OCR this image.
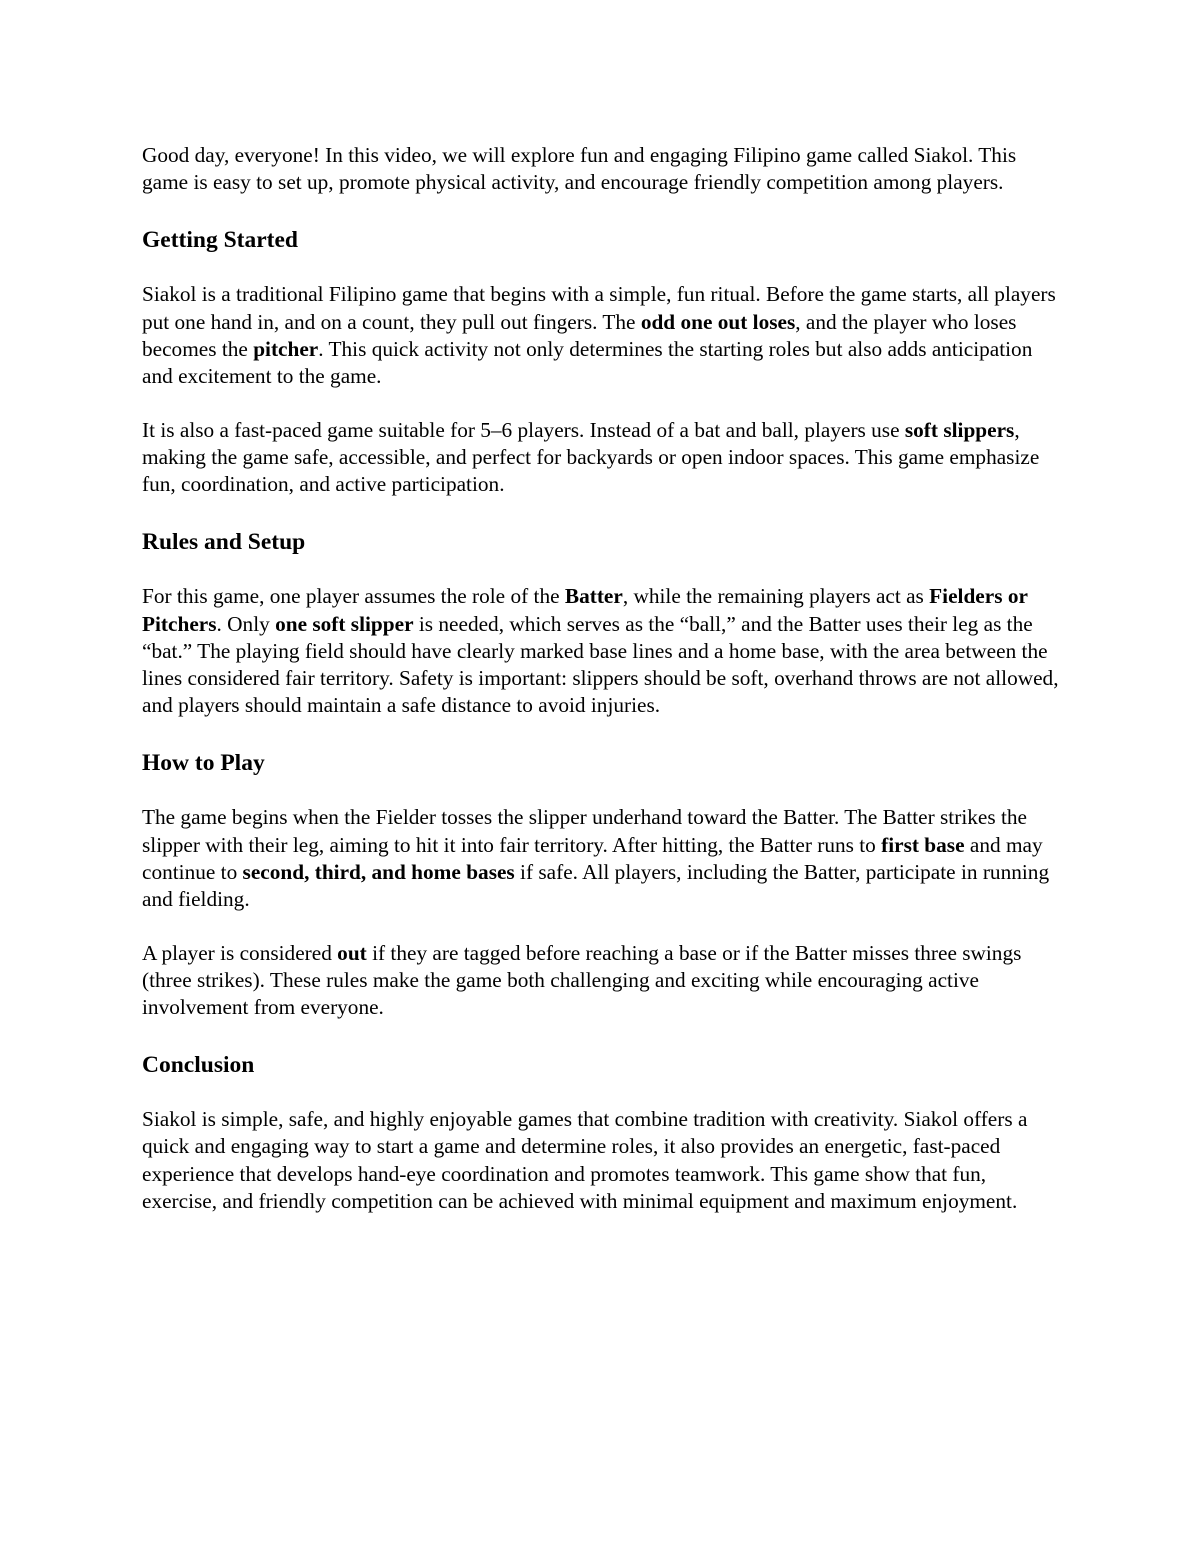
Good day, everyone! In this video, we will explore fun and engaging Filipino game called Siakol. This game is easy to set up, promote physical activity, and encourage friendly competition among players.

Getting Started

Siakol is a traditional Filipino game that begins with a simple, fun ritual. Before the game starts, all players put one hand in, and on a count, they pull out fingers. The odd one out loses, and the player who loses becomes the pitcher. This quick activity not only determines the starting roles but also adds anticipation and excitement to the game.

It is also a fast-paced game suitable for 5–6 players. Instead of a bat and ball, players use soft slippers, making the game safe, accessible, and perfect for backyards or open indoor spaces. This game emphasize fun, coordination, and active participation.

Rules and Setup

For this game, one player assumes the role of the Batter, while the remaining players act as Fielders or Pitchers. Only one soft slipper is needed, which serves as the “ball,” and the Batter uses their leg as the “bat.” The playing field should have clearly marked base lines and a home base, with the area between the lines considered fair territory. Safety is important: slippers should be soft, overhand throws are not allowed, and players should maintain a safe distance to avoid injuries.

How to Play

The game begins when the Fielder tosses the slipper underhand toward the Batter. The Batter strikes the slipper with their leg, aiming to hit it into fair territory. After hitting, the Batter runs to first base and may continue to second, third, and home bases if safe. All players, including the Batter, participate in running and fielding.

A player is considered out if they are tagged before reaching a base or if the Batter misses three swings (three strikes). These rules make the game both challenging and exciting while encouraging active involvement from everyone.

Conclusion

Siakol is simple, safe, and highly enjoyable games that combine tradition with creativity. Siakol offers a quick and engaging way to start a game and determine roles, it also provides an energetic, fast-paced experience that develops hand-eye coordination and promotes teamwork. This game show that fun, exercise, and friendly competition can be achieved with minimal equipment and maximum enjoyment.
